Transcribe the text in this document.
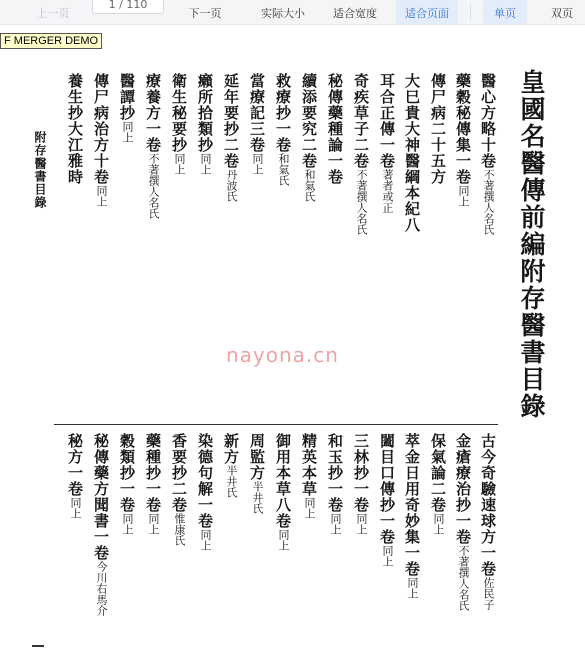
上一页
1 / 110
下一页	实际大小	适合宽度	适合页面	单页	双页
皇國名醫傳前編附存醫書目錄
醫心方略十卷不著撰人名氏
藥穀秘傳集一卷同上
傳尸病二十五方
大巳貴大神醫綱本紀八
耳合正傳一卷著者或正
奇疾草子二卷不著撰人名氏
秘傳藥種論一卷
續添要究二卷和氣氏
救療抄一卷和氣氏
當療記三卷同上
延年要抄二卷丹波氏
癩所拾類抄同上
衛生秘要抄同上
療養方一卷不著撰人名氏
醫譚抄同上
傳尸病治方十卷同上
養生抄大江雅時
附存醫書目錄
nayona.cn
古今奇驗速球方一卷佐民子
金瘡療治抄一卷不著撰人名氏
保氣論二卷同上
萃金日用奇妙集一卷同上
闔目口傳抄一卷同上
三林抄一卷同上
和玉抄一卷同上
精英本草同上
御用本草八卷同上
周監方半井氏
新方半井氏
染德句解一卷同上
香要抄二卷惟康氏
藥種抄一卷同上
穀類抄一卷同上
秘傳藥方聞書一卷今川右馬介
秘方一卷同上
F MERGER DEMO
